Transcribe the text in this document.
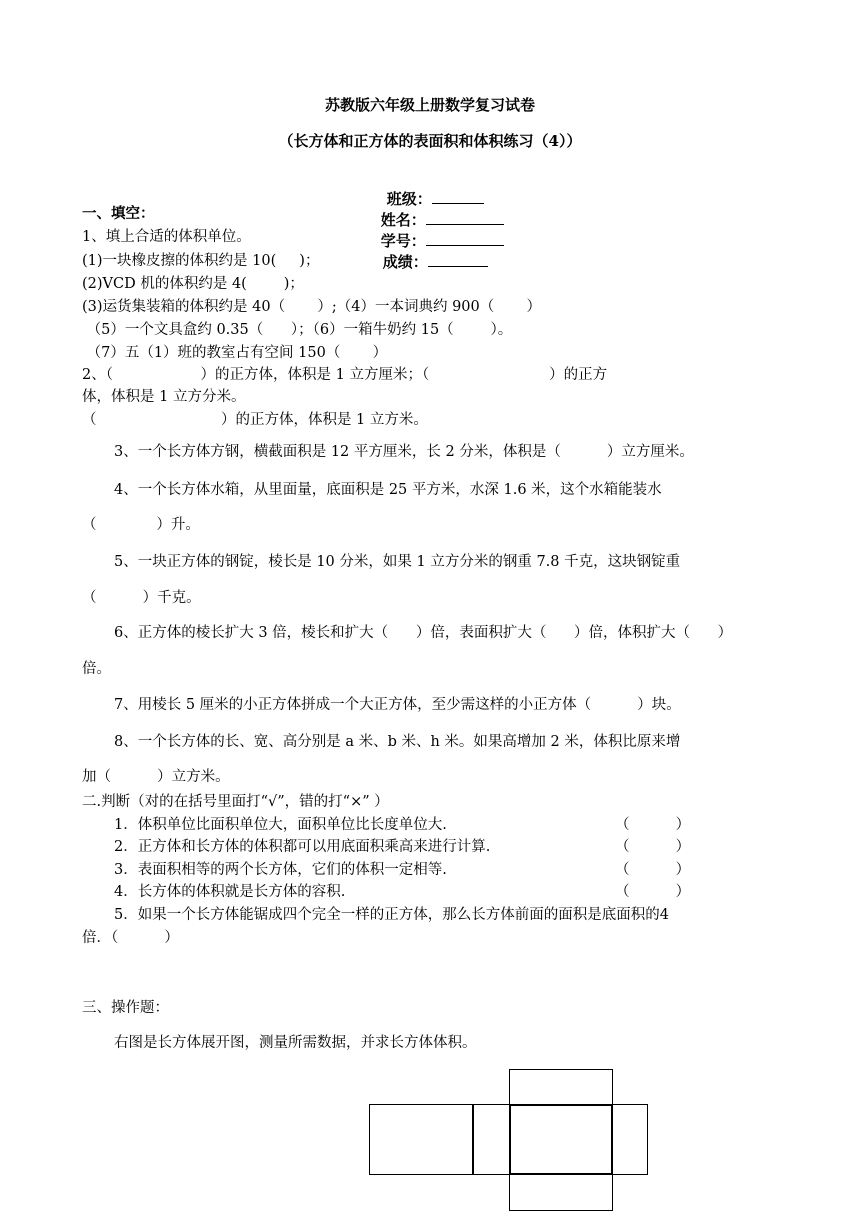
苏教版六年级上册数学复习试卷
（长方体和正方体的表面积和体积练习（4））

班级：
姓名：
学号：
成绩：

一、填空：
1、填上合适的体积单位。
(1)一块橡皮擦的体积约是 10(     )；
(2)VCD 机的体积约是 4(        )；
(3)运货集装箱的体积约是 40（       ）;（4）一本词典约 900（       ）
（5）一个文具盒约 0.35（      ）；（6）一箱牛奶约 15（        ）。
（7）五（1）班的教室占有空间 150（       ）
2、（                   ）的正方体，体积是 1 立方厘米；（                          ）的正方
体，体积是 1 立方分米。
（                           ）的正方体，体积是 1 立方米。
3、一个长方体方钢，横截面积是 12 平方厘米，长 2 分米，体积是（          ）立方厘米。
4、一个长方体水箱，从里面量，底面积是 25 平方米，水深 1.6 米，这个水箱能装水
（             ）升。
5、一块正方体的钢锭，棱长是 10 分米，如果 1 立方分米的钢重 7.8 千克，这块钢锭重
（          ）千克。
6、正方体的棱长扩大 3 倍，棱长和扩大（      ）倍，表面积扩大（      ）倍，体积扩大（      ）
倍。
7、用棱长 5 厘米的小正方体拼成一个大正方体，至少需这样的小正方体（          ）块。
8、一个长方体的长、宽、高分别是 a 米、b 米、h 米。如果高增加 2 米，体积比原来增
加（          ）立方米。
二.判断（对的在括号里面打“√”，错的打“×” ）
1．体积单位比面积单位大，面积单位比长度单位大.	（          ）
2．正方体和长方体的体积都可以用底面积乘高来进行计算.	（          ）
3．表面积相等的两个长方体，它们的体积一定相等.	（          ）
4．长方体的体积就是长方体的容积.	（          ）
5．如果一个长方体能锯成四个完全一样的正方体，那么长方体前面的面积是底面积的4
倍．（          ）
三、操作题：
右图是长方体展开图，测量所需数据，并求长方体体积。
